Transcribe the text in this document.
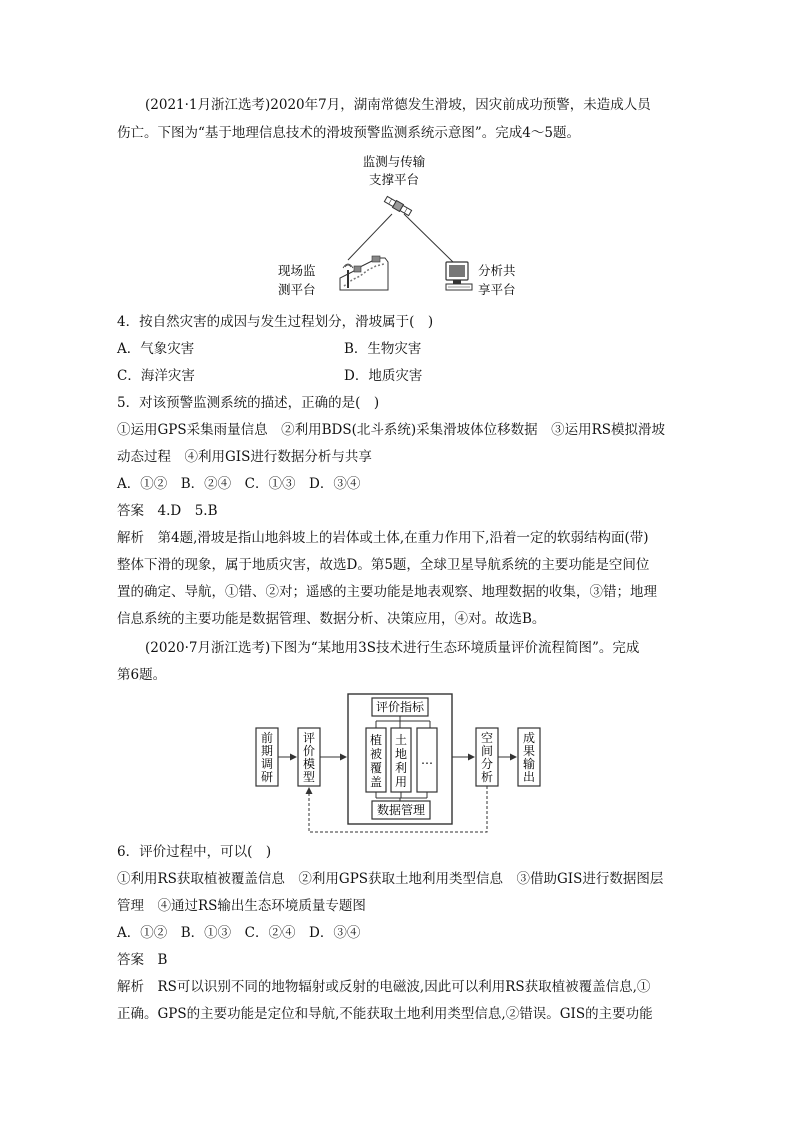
(2021·1月浙江选考)2020年7月，湖南常德发生滑坡，因灾前成功预警，未造成人员
伤亡。下图为“基于地理信息技术的滑坡预警监测系统示意图”。完成4～5题。
监测与传输
支撑平台
现场监
测平台
分析共
享平台
4．按自然灾害的成因与发生过程划分，滑坡属于(　)
A．气象灾害	B．生物灾害
C．海洋灾害	D．地质灾害
5．对该预警监测系统的描述，正确的是(　)
①运用GPS采集雨量信息　②利用BDS(北斗系统)采集滑坡体位移数据　③运用RS模拟滑坡
动态过程　④利用GIS进行数据分析与共享
A．①②　B．②④　C．①③　D．③④
答案　4.D　5.B
解析　第4题,滑坡是指山地斜坡上的岩体或土体,在重力作用下,沿着一定的软弱结构面(带)
整体下滑的现象，属于地质灾害，故选D。第5题，全球卫星导航系统的主要功能是空间位
置的确定、导航，①错、②对；遥感的主要功能是地表观察、地理数据的收集，③错；地理
信息系统的主要功能是数据管理、数据分析、决策应用，④对。故选B。
(2020·7月浙江选考)下图为“某地用3S技术进行生态环境质量评价流程简图”。完成
第6题。
前
期
调
研
评
价
模
型
评价指标
植
被
覆
盖
土
地
利
用
…
数据管理
空
间
分
析
成
果
输
出
6．评价过程中，可以(　)
①利用RS获取植被覆盖信息　②利用GPS获取土地利用类型信息　③借助GIS进行数据图层
管理　④通过RS输出生态环境质量专题图
A．①②　B．①③　C．②④　D．③④
答案　B
解析　RS可以识别不同的地物辐射或反射的电磁波,因此可以利用RS获取植被覆盖信息,①
正确。GPS的主要功能是定位和导航,不能获取土地利用类型信息,②错误。GIS的主要功能
